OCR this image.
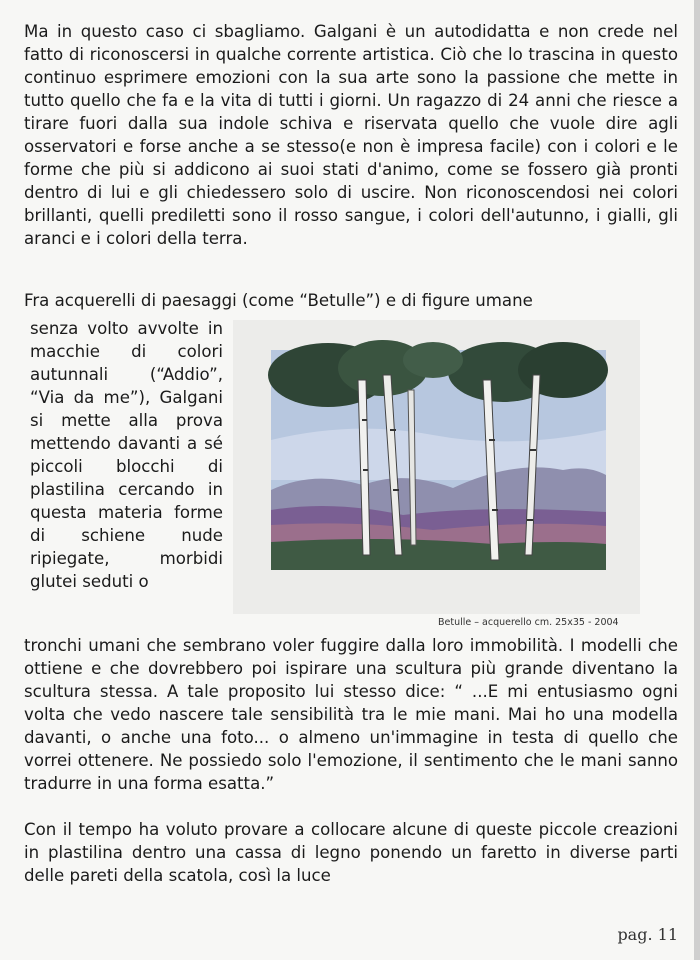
Ma in questo caso ci sbagliamo. Galgani è un autodidatta e non crede nel fatto di riconoscersi in qualche corrente artistica. Ciò che lo trascina in questo continuo esprimere emozioni con la sua arte sono la passione che mette in tutto quello che fa e la vita di tutti i giorni. Un ragazzo di 24 anni che riesce a tirare fuori dalla sua indole schiva e riservata quello che vuole dire agli osservatori e forse anche a se stesso(e non è impresa facile) con i colori e le forme che più si addicono ai suoi stati d'animo, come se fossero già pronti dentro di lui e gli chiedessero solo di uscire. Non riconoscendosi nei colori brillanti, quelli prediletti sono il rosso sangue, i colori dell'autunno, i gialli, gli aranci e i colori della terra.

Fra acquerelli di paesaggi (come “Betulle”) e di figure umane

senza volto avvolte in macchie di colori autunnali (“Addio”, “Via da me”), Galgani si mette alla prova mettendo davanti a sé piccoli blocchi di plastilina cercando in questa materia forme di schiene nude ripiegate, morbidi glutei seduti o

Betulle – acquerello cm. 25x35 - 2004

tronchi umani che sembrano voler fuggire dalla loro immobilità. I modelli che ottiene e che dovrebbero poi ispirare una scultura più grande diventano la scultura stessa. A tale proposito lui stesso dice: “ ...E mi entusiasmo ogni volta che vedo nascere tale sensibilità tra le mie mani. Mai ho una modella davanti, o anche una foto... o almeno un'immagine in testa di quello che vorrei ottenere. Ne possiedo solo l'emozione, il sentimento che le mani sanno tradurre in una forma esatta.”

Con il tempo ha voluto provare a collocare alcune di queste piccole creazioni in plastilina dentro una cassa di legno ponendo un faretto in diverse parti delle pareti della scatola, così la luce

pag. 11
